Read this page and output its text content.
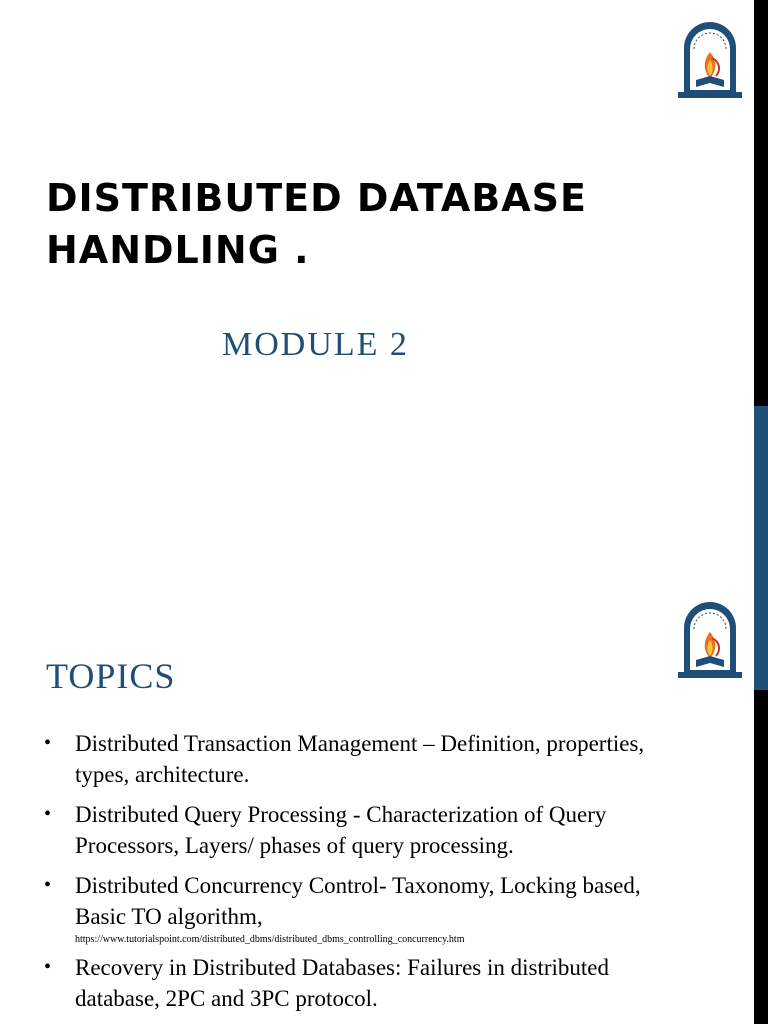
DISTRIBUTED DATABASE
HANDLING .
MODULE 2
TOPICS
• Distributed Transaction Management – Definition, properties, types, architecture.
• Distributed Query Processing - Characterization of Query Processors, Layers/ phases of query processing.
• Distributed Concurrency Control- Taxonomy, Locking based, Basic TO algorithm,
https://www.tutorialspoint.com/distributed_dbms/distributed_dbms_controlling_concurrency.htm
• Recovery in Distributed Databases: Failures in distributed database, 2PC and 3PC protocol.
